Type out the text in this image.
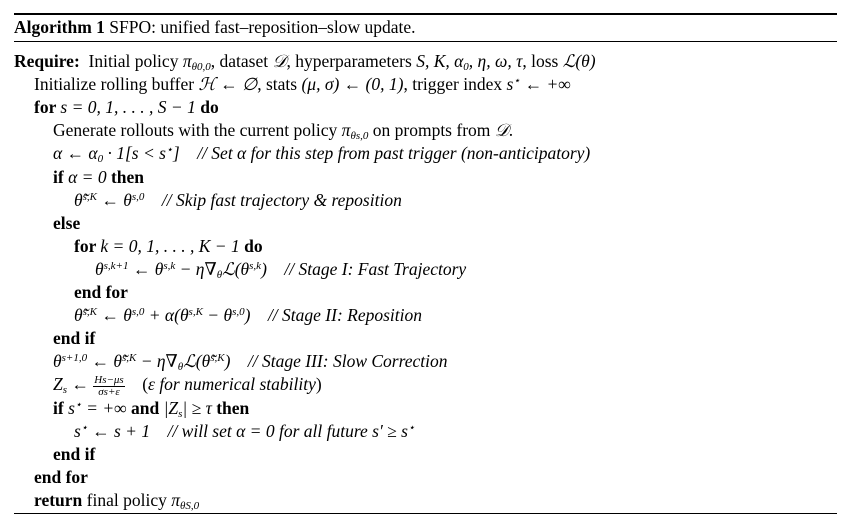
Algorithm 1 SFPO: unified fast–reposition–slow update.
Require:  Initial policy $\pi_{\theta 0,0}$, dataset 𝒟, hyperparameters S, K, $\alpha_0$, η, ω, τ, loss ℒ(θ)
Initialize rolling buffer ℋ ← ∅, stats (μ, σ) ← (0, 1), trigger index s⋆ ← +∞
for s = 0, 1, . . . , S − 1 do
Generate rollouts with the current policy $\pi_{\theta s,0}$ on prompts from 𝒟.
α ← $\alpha_0 \cdot 1[s < s^⋆]$    // Set α for this step from past trigger (non-anticipatory)
if α = 0 then
θ̃$^{s,K}$ ← $\theta^{s,0}$ // Skip fast trajectory & reposition
else
for k = 0, 1, . . . , K − 1 do
$\theta^{s,k+1}$ ← $\theta^{s,k}$ − $\eta\nabla_\theta ℒ(\theta^{s,k})$    // Stage I: Fast Trajectory
end for
θ̃$^{s,K}$ ← $\theta^{s,0} + \alpha(\theta^{s,K} - \theta^{s,0})$    // Stage II: Reposition
end if
$\theta^{s+1,0}$ ← θ̃$^{s,K}$ − $\eta\nabla_\theta ℒ(\thetã^{s,K})$    // Stage III: Slow Correction
$Z_s$ ← $\frac{Hs-\mu s}{\sigma s+\varepsilon} (\varepsilon$ for numerical stability)
if s⋆ = +∞ and $|Z_s| \ge \tau$ then
s⋆ ← s + 1    // will set α = 0 for all future s′ ≥ s⋆
end if
end for
return final policy $\pi_{\theta S,0}$
